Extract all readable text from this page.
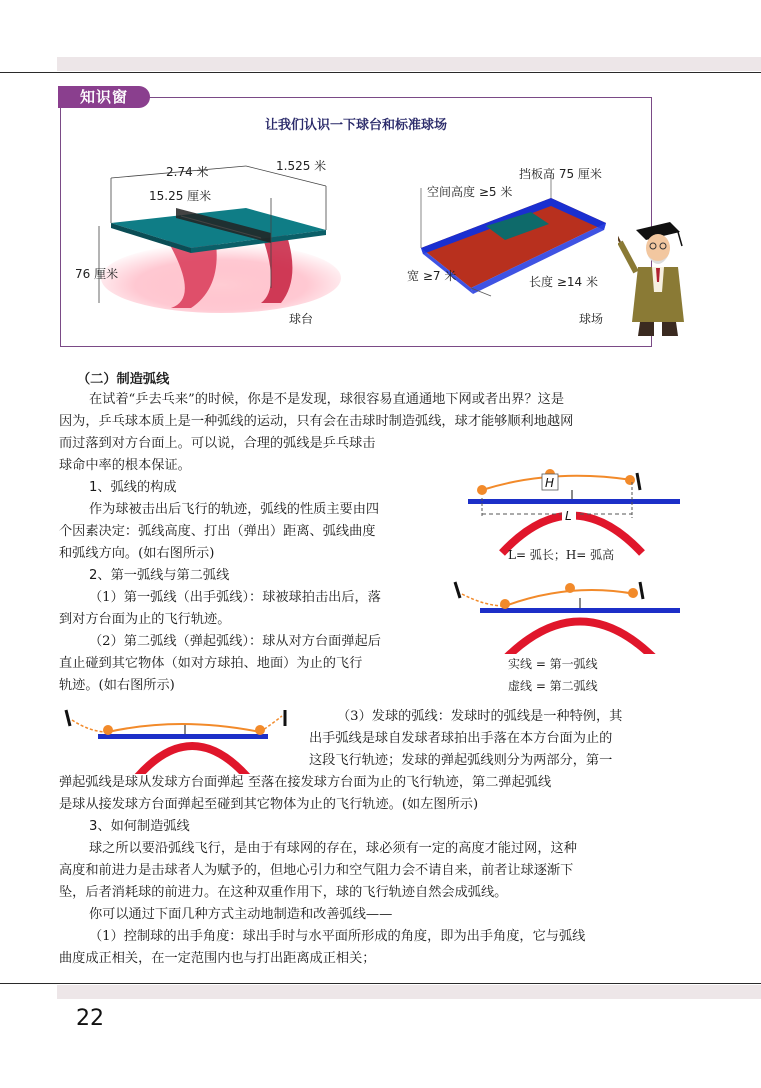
让我们认识一下球台和标准球场
2.74 米	1.525 米
15.25 厘米
76 厘米
球台
空间高度 ≥5 米
挡板高 75 厘米
宽 ≥7 米	长度 ≥14 米
球场
知识窗
（二）制造弧线
在试着“乒去乓来”的时候，你是不是发现，球很容易直通通地下网或者出界？这是
因为，乒乓球本质上是一种弧线的运动，只有会在击球时制造弧线，球才能够顺利地越网
而过落到对方台面上。可以说，合理的弧线是乒乓球击
球命中率的根本保证。
1、弧线的构成
作为球被击出后飞行的轨迹，弧线的性质主要由四
个因素决定：弧线高度、打出（弹出）距离、弧线曲度
和弧线方向。(如右图所示)
H
L
L= 弧长；H= 弧高
2、第一弧线与第二弧线
（1）第一弧线（出手弧线）：球被球拍击出后，落
到对方台面为止的飞行轨迹。
（2）第二弧线（弹起弧线）：球从对方台面弹起后
直止碰到其它物体（如对方球拍、地面）为止的飞行
轨迹。(如右图所示)
实线 = 第一弧线
虚线 = 第二弧线
（3）发球的弧线：发球时的弧线是一种特例，其
出手弧线是球自发球者球拍出手落在本方台面为止的
这段飞行轨迹；发球的弹起弧线则分为两部分，第一
弹起弧线是球从发球方台面弹起 至落在接发球方台面为止的飞行轨迹，第二弹起弧线
是球从接发球方台面弹起至碰到其它物体为止的飞行轨迹。(如左图所示)
3、如何制造弧线
球之所以要沿弧线飞行，是由于有球网的存在，球必须有一定的高度才能过网，这种
高度和前进力是击球者人为赋予的，但地心引力和空气阻力会不请自来，前者让球逐渐下
坠，后者消耗球的前进力。在这种双重作用下，球的飞行轨迹自然会成弧线。
你可以通过下面几种方式主动地制造和改善弧线——
（1）控制球的出手角度：球出手时与水平面所形成的角度，即为出手角度，它与弧线
曲度成正相关，在一定范围内也与打出距离成正相关；
22
